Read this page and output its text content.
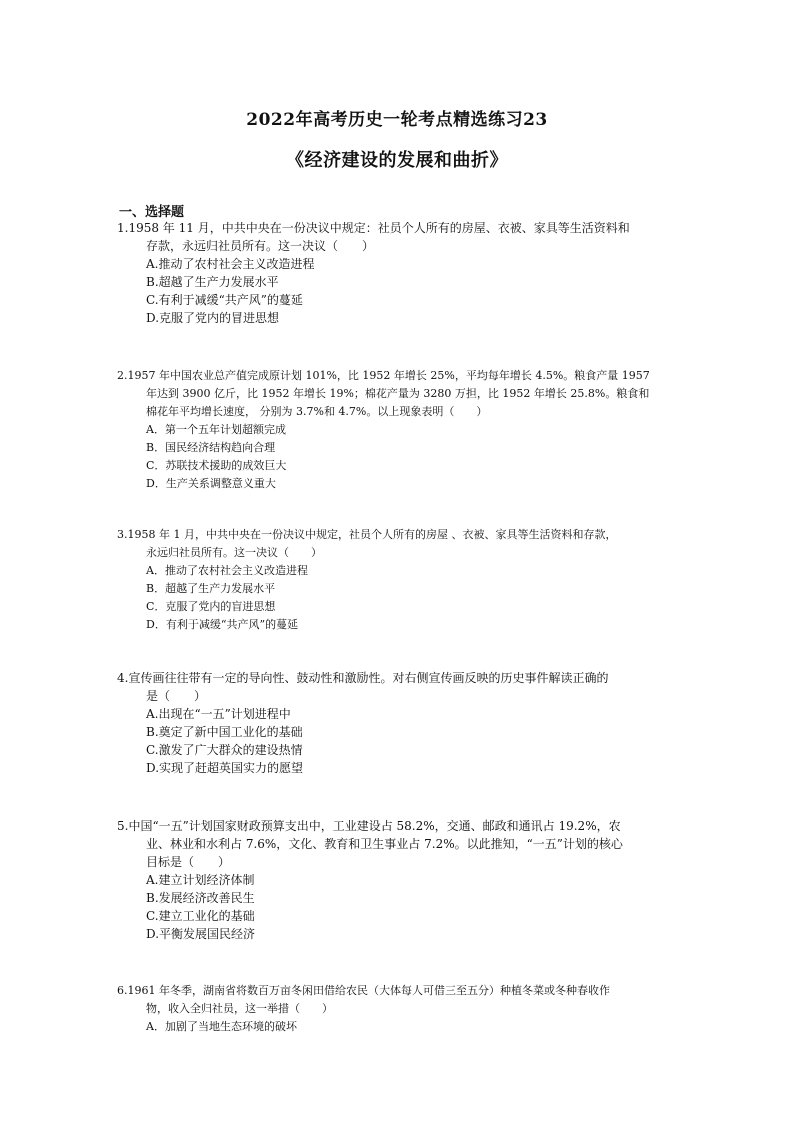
2022年高考历史一轮考点精选练习23
《经济建设的发展和曲折》
一、选择题
1.1958 年 11 月，中共中央在一份决议中规定：社员个人所有的房屋、衣被、家具等生活资料和
存款，永远归社员所有。这一决议（　　）
A.推动了农村社会主义改造进程
B.超越了生产力发展水平
C.有利于减缓“共产风”的蔓延
D.克服了党内的冒进思想
2.1957 年中国农业总产值完成原计划 101%，比 1952 年增长 25%，平均每年增长 4.5%。粮食产量 1957
年达到 3900 亿斤，比 1952 年增长 19%；棉花产量为 3280 万担，比 1952 年增长 25.8%。粮食和
棉花年平均增长速度， 分别为 3.7%和 4.7%。以上现象表明（　　）
A．第一个五年计划超额完成
B．国民经济结构趋向合理
C．苏联技术援助的成效巨大
D．生产关系调整意义重大
3.1958 年 1 月，中共中央在一份决议中规定，社员个人所有的房屋 、衣被、家具等生活资料和存款，
永远归社员所有。这一决议（　　）
A．推动了农村社会主义改造进程
B．超越了生产力发展水平
C．克服了党内的盲进思想
D．有利于减缓“共产风”的蔓延
4.宣传画往往带有一定的导向性、鼓动性和激励性。对右侧宣传画反映的历史事件解读正确的
是（　　）
A.出现在“一五”计划进程中
B.奠定了新中国工业化的基础
C.激发了广大群众的建设热情
D.实现了赶超英国实力的愿望
5.中国“一五”计划国家财政预算支出中，工业建设占 58.2%，交通、邮政和通讯占 19.2%，农
业、林业和水利占 7.6%，文化、教育和卫生事业占 7.2%。以此推知，“一五”计划的核心
目标是（　　）
A.建立计划经济体制
B.发展经济改善民生
C.建立工业化的基础
D.平衡发展国民经济
6.1961 年冬季，湖南省将数百万亩冬闲田借给农民（大体每人可借三至五分）种植冬菜或冬种春收作
物，收入全归社员，这一举措（　　）
A．加剧了当地生态环境的破坏
